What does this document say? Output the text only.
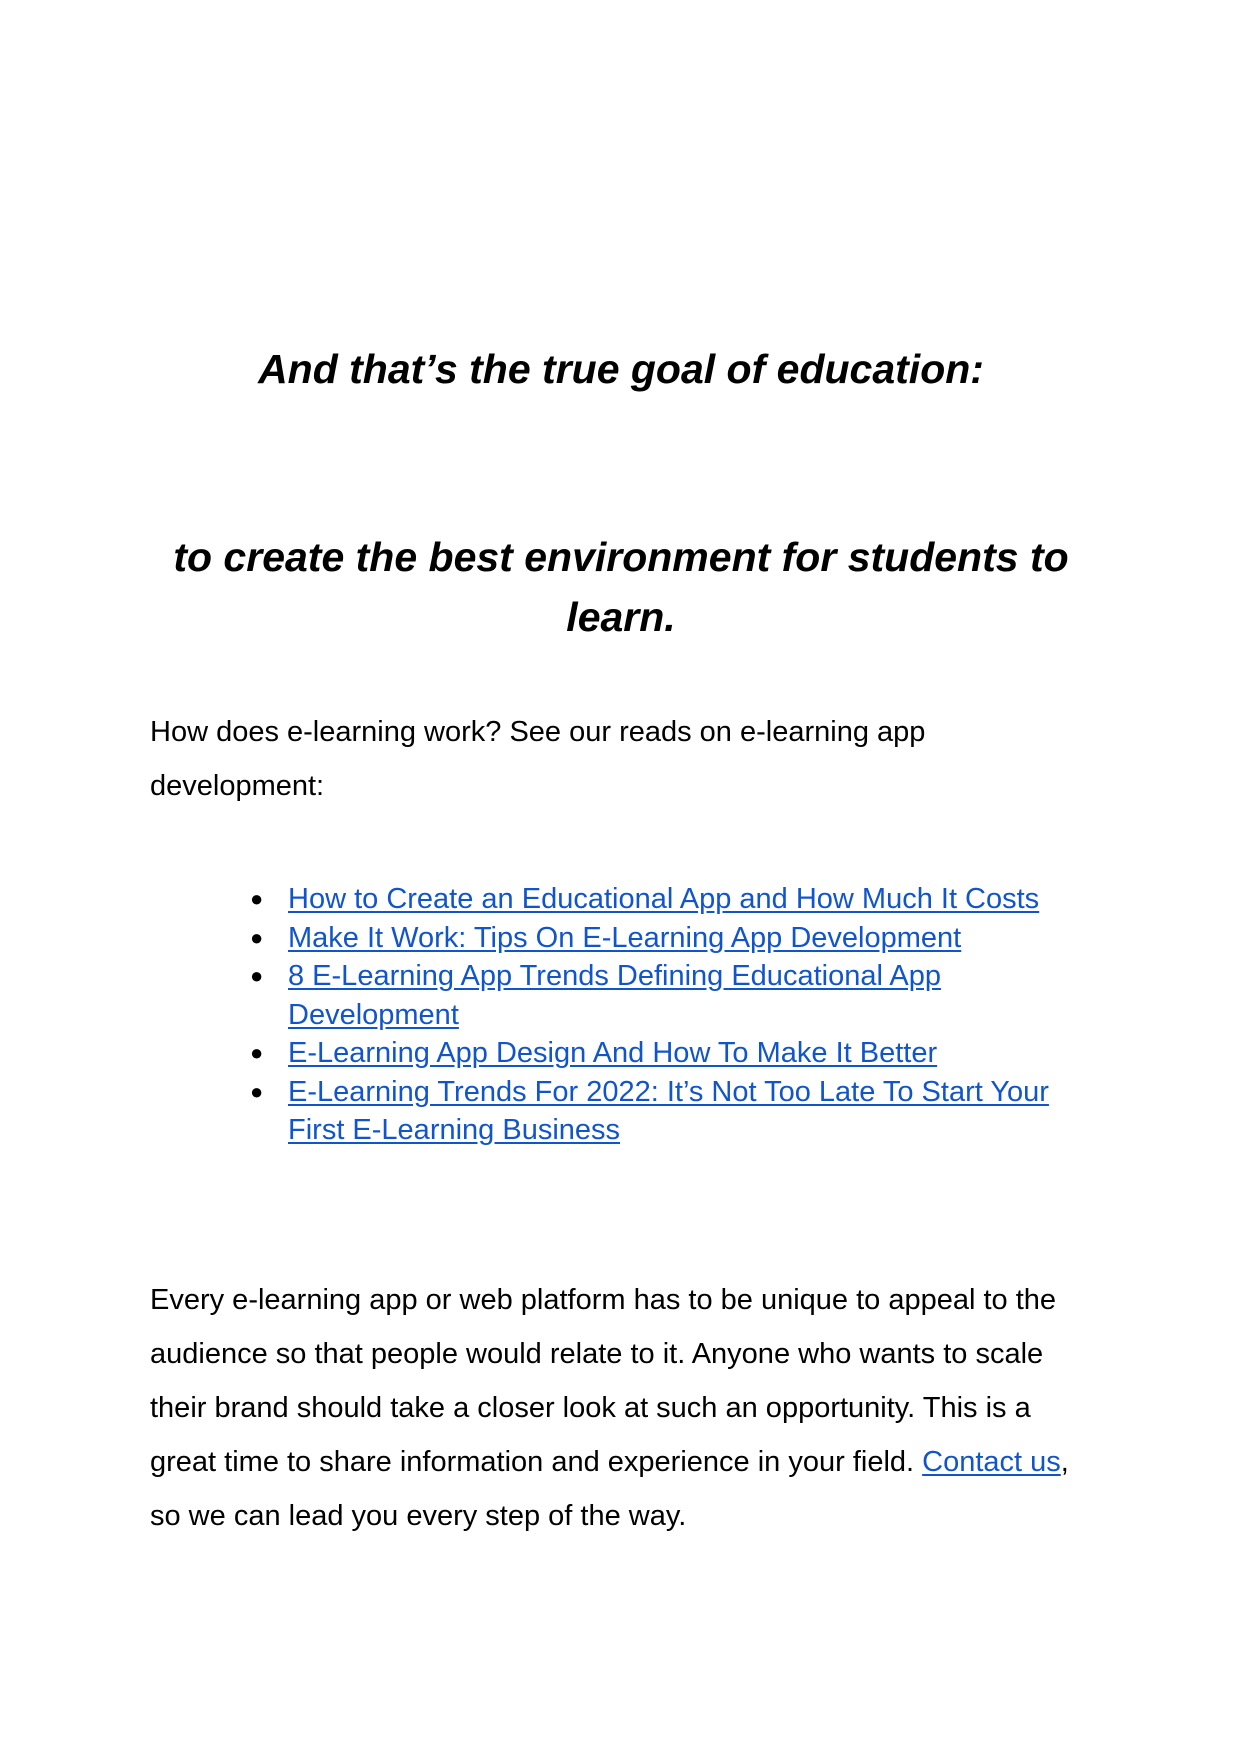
And that’s the true goal of education:
to create the best environment for students to learn.

How does e-learning work? See our reads on e-learning app development:

● How to Create an Educational App and How Much It Costs
● Make It Work: Tips On E-Learning App Development
● 8 E-Learning App Trends Defining Educational App Development
● E-Learning App Design And How To Make It Better
● E-Learning Trends For 2022: It’s Not Too Late To Start Your First E-Learning Business

Every e-learning app or web platform has to be unique to appeal to the audience so that people would relate to it. Anyone who wants to scale their brand should take a closer look at such an opportunity. This is a great time to share information and experience in your field. Contact us, so we can lead you every step of the way.
